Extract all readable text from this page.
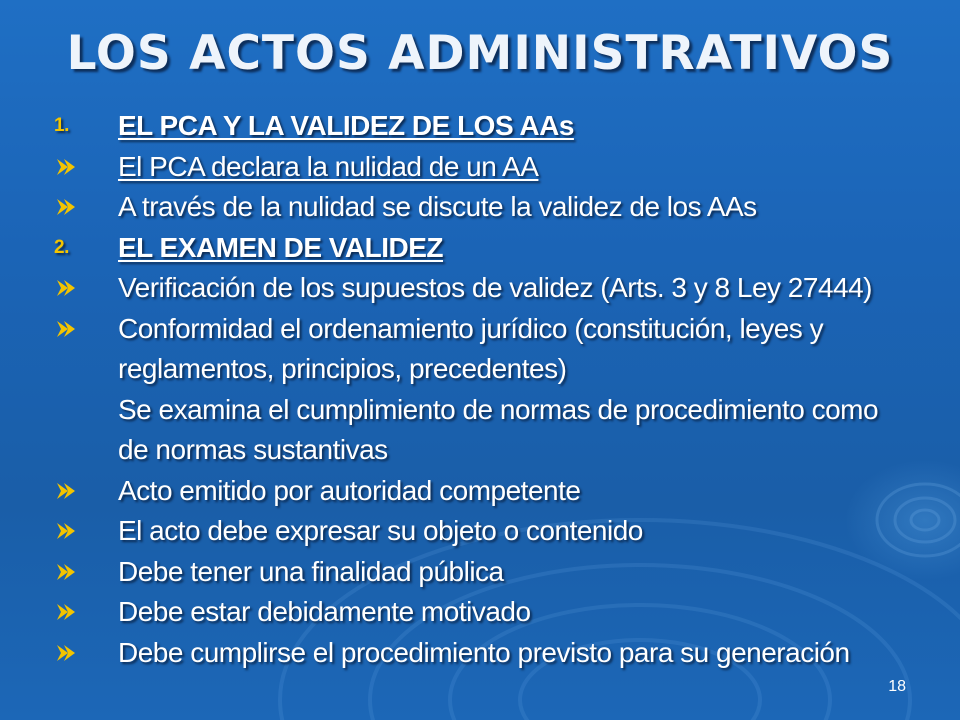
LOS ACTOS ADMINISTRATIVOS
1. EL PCA Y LA VALIDEZ DE LOS AAs
El PCA declara la nulidad de un AA
A través de la nulidad se discute la validez de los AAs
2. EL EXAMEN DE VALIDEZ
Verificación de los supuestos de validez (Arts. 3 y 8 Ley 27444)
Conformidad el ordenamiento jurídico (constitución, leyes y
reglamentos, principios, precedentes)
Se examina el cumplimiento de normas de procedimiento como
de normas sustantivas
Acto emitido por autoridad competente
El acto debe expresar su objeto o contenido
Debe tener una finalidad pública
Debe estar debidamente motivado
Debe cumplirse el procedimiento previsto para su generación
18
